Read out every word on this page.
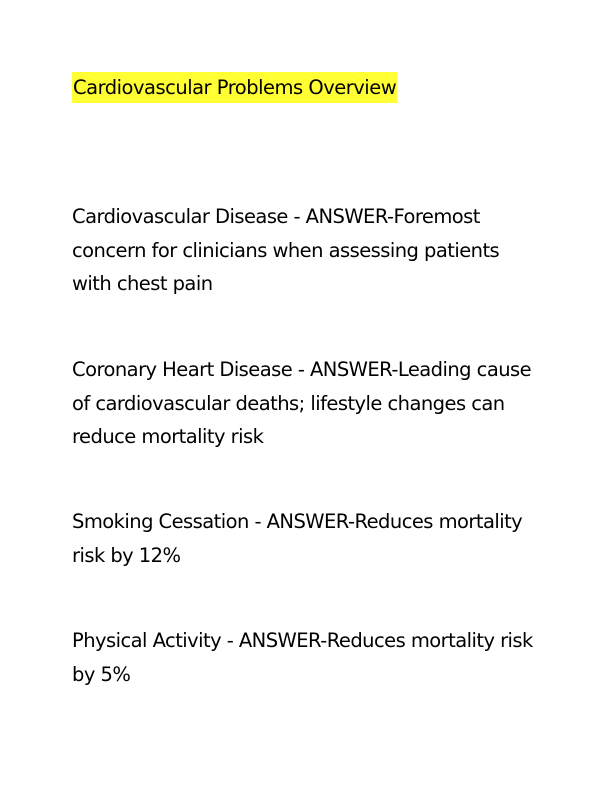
Cardiovascular Problems Overview
Cardiovascular Disease - ANSWER-Foremost concern for clinicians when assessing patients with chest pain
Coronary Heart Disease - ANSWER-Leading cause of cardiovascular deaths; lifestyle changes can reduce mortality risk
Smoking Cessation - ANSWER-Reduces mortality risk by 12%
Physical Activity - ANSWER-Reduces mortality risk by 5%
